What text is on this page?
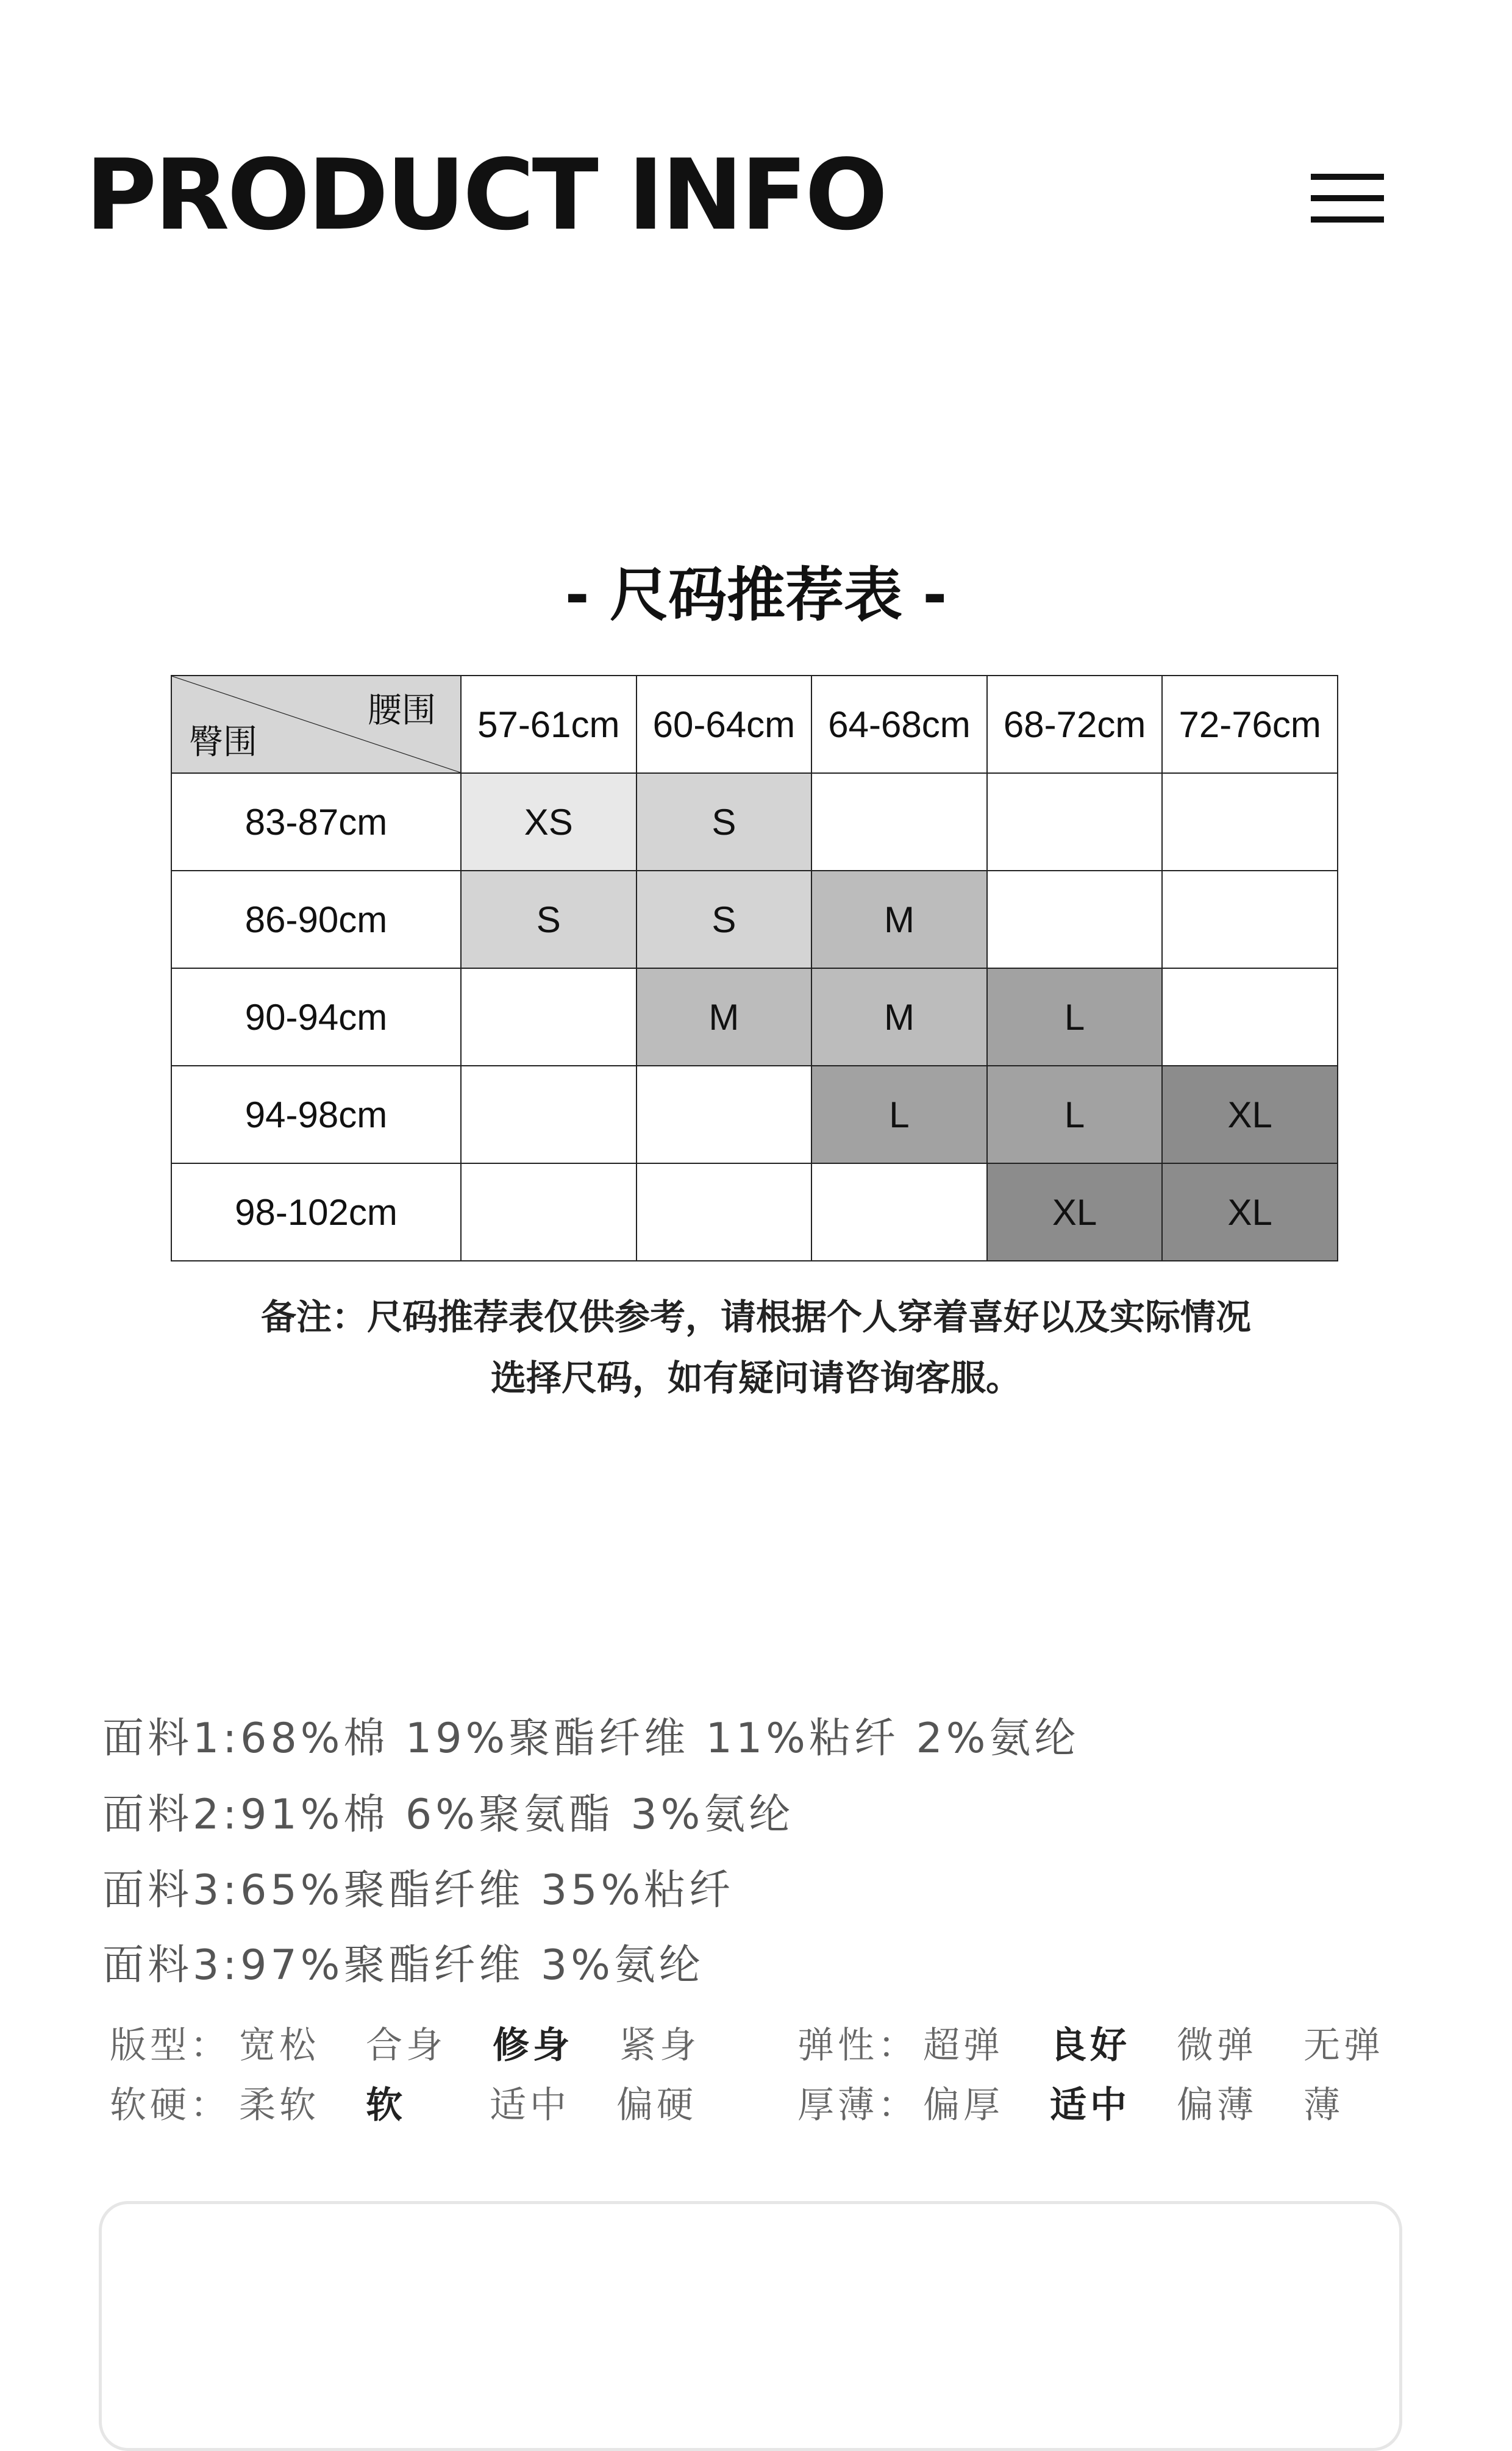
PRODUCT INFO
- 尺码推荐表 -
腰围
臀围	57-61cm	60-64cm	64-68cm	68-72cm	72-76cm
83-87cm	XS	S			
86-90cm	S	S	M		
90-94cm		M	M	L	
94-98cm			L	L	XL
98-102cm				XL	XL
备注：尺码推荐表仅供参考，请根据个人穿着喜好以及实际情况
选择尺码，如有疑问请咨询客服。
面料1:68%棉 19%聚酯纤维 11%粘纤 2%氨纶
面料2:91%棉 6%聚氨酯 3%氨纶
面料3:65%聚酯纤维 35%粘纤
面料3:97%聚酯纤维 3%氨纶
版型： 宽松 合身 修身 紧身	弹性： 超弹 良好 微弹 无弹
软硬： 柔软 软 适中 偏硬	厚薄： 偏厚 适中 偏薄 薄
